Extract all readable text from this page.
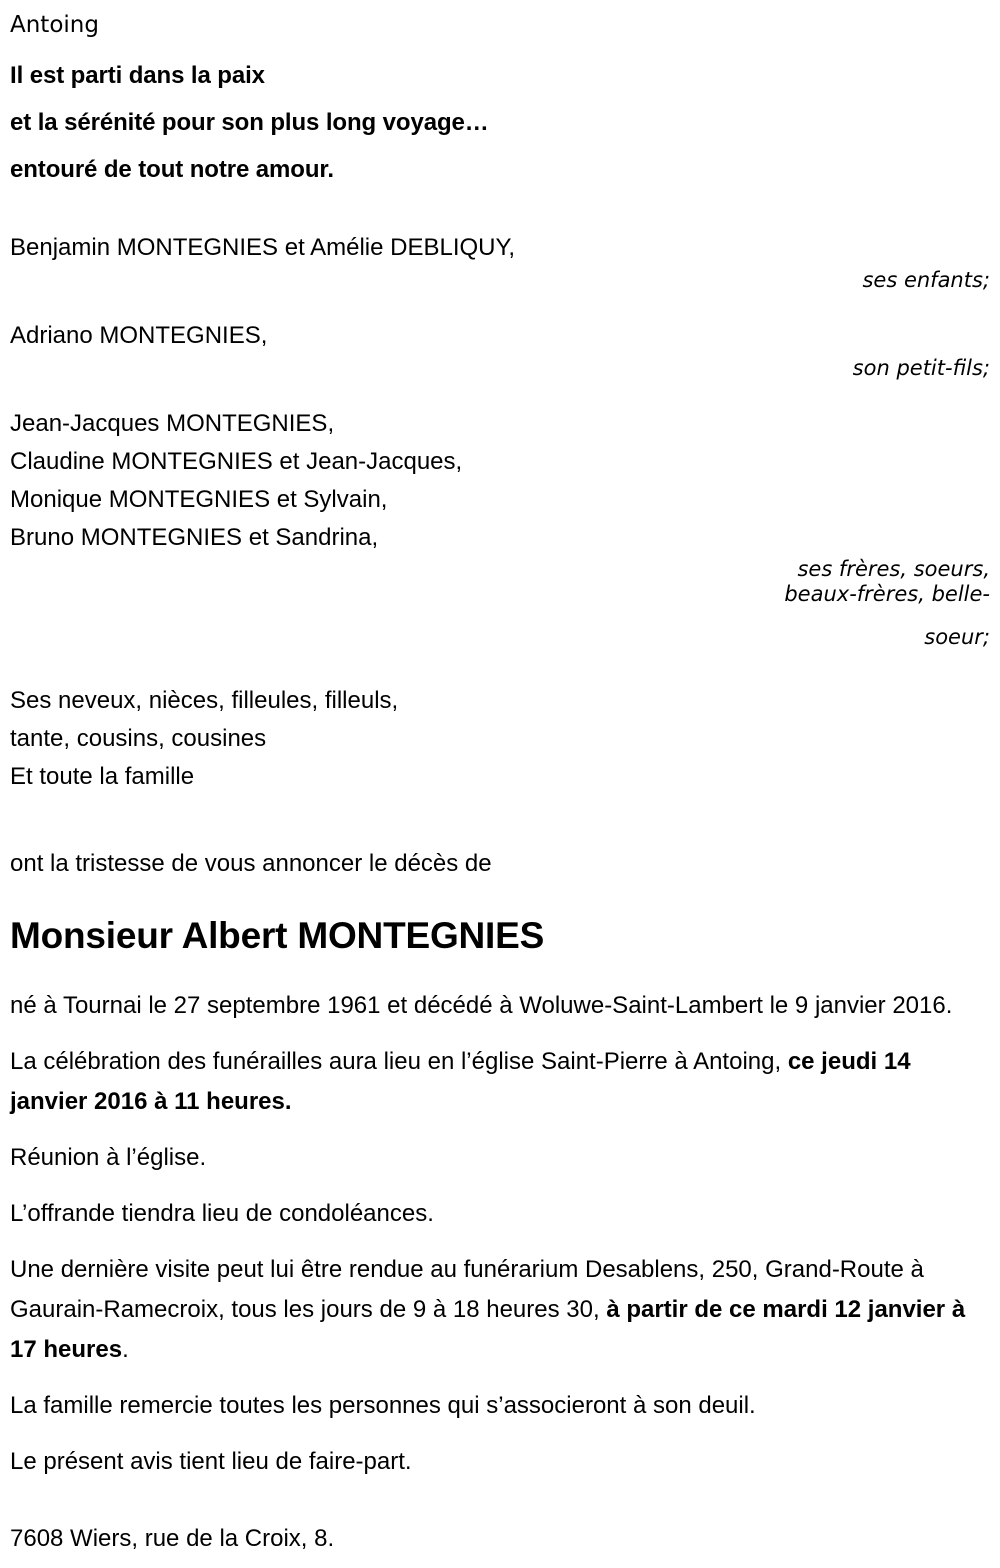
Antoing
Il est parti dans la paix
et la sérénité pour son plus long voyage…
entouré de tout notre amour.
Benjamin MONTEGNIES et Amélie DEBLIQUY,
ses enfants;
Adriano MONTEGNIES,
son petit-fils;
Jean-Jacques MONTEGNIES,
Claudine MONTEGNIES et Jean-Jacques,
Monique MONTEGNIES et Sylvain,
Bruno MONTEGNIES et Sandrina,
ses frères, soeurs,
beaux-frères, belle-
soeur;
Ses neveux, nièces, filleules, filleuls,
tante, cousins, cousines
Et toute la famille
ont la tristesse de vous annoncer le décès de
Monsieur Albert MONTEGNIES

né à Tournai le 27 septembre 1961 et décédé à Woluwe-Saint-Lambert le 9 janvier 2016.

La célébration des funérailles aura lieu en l’église Saint-Pierre à Antoing, ce jeudi 14 janvier 2016 à 11 heures.

Réunion à l’église.

L’offrande tiendra lieu de condoléances.

Une dernière visite peut lui être rendue au funérarium Desablens, 250, Grand-Route à Gaurain-Ramecroix, tous les jours de 9 à 18 heures 30, à partir de ce mardi 12 janvier à 17 heures.

La famille remercie toutes les personnes qui s’associeront à son deuil.

Le présent avis tient lieu de faire-part.

7608 Wiers, rue de la Croix, 8.
